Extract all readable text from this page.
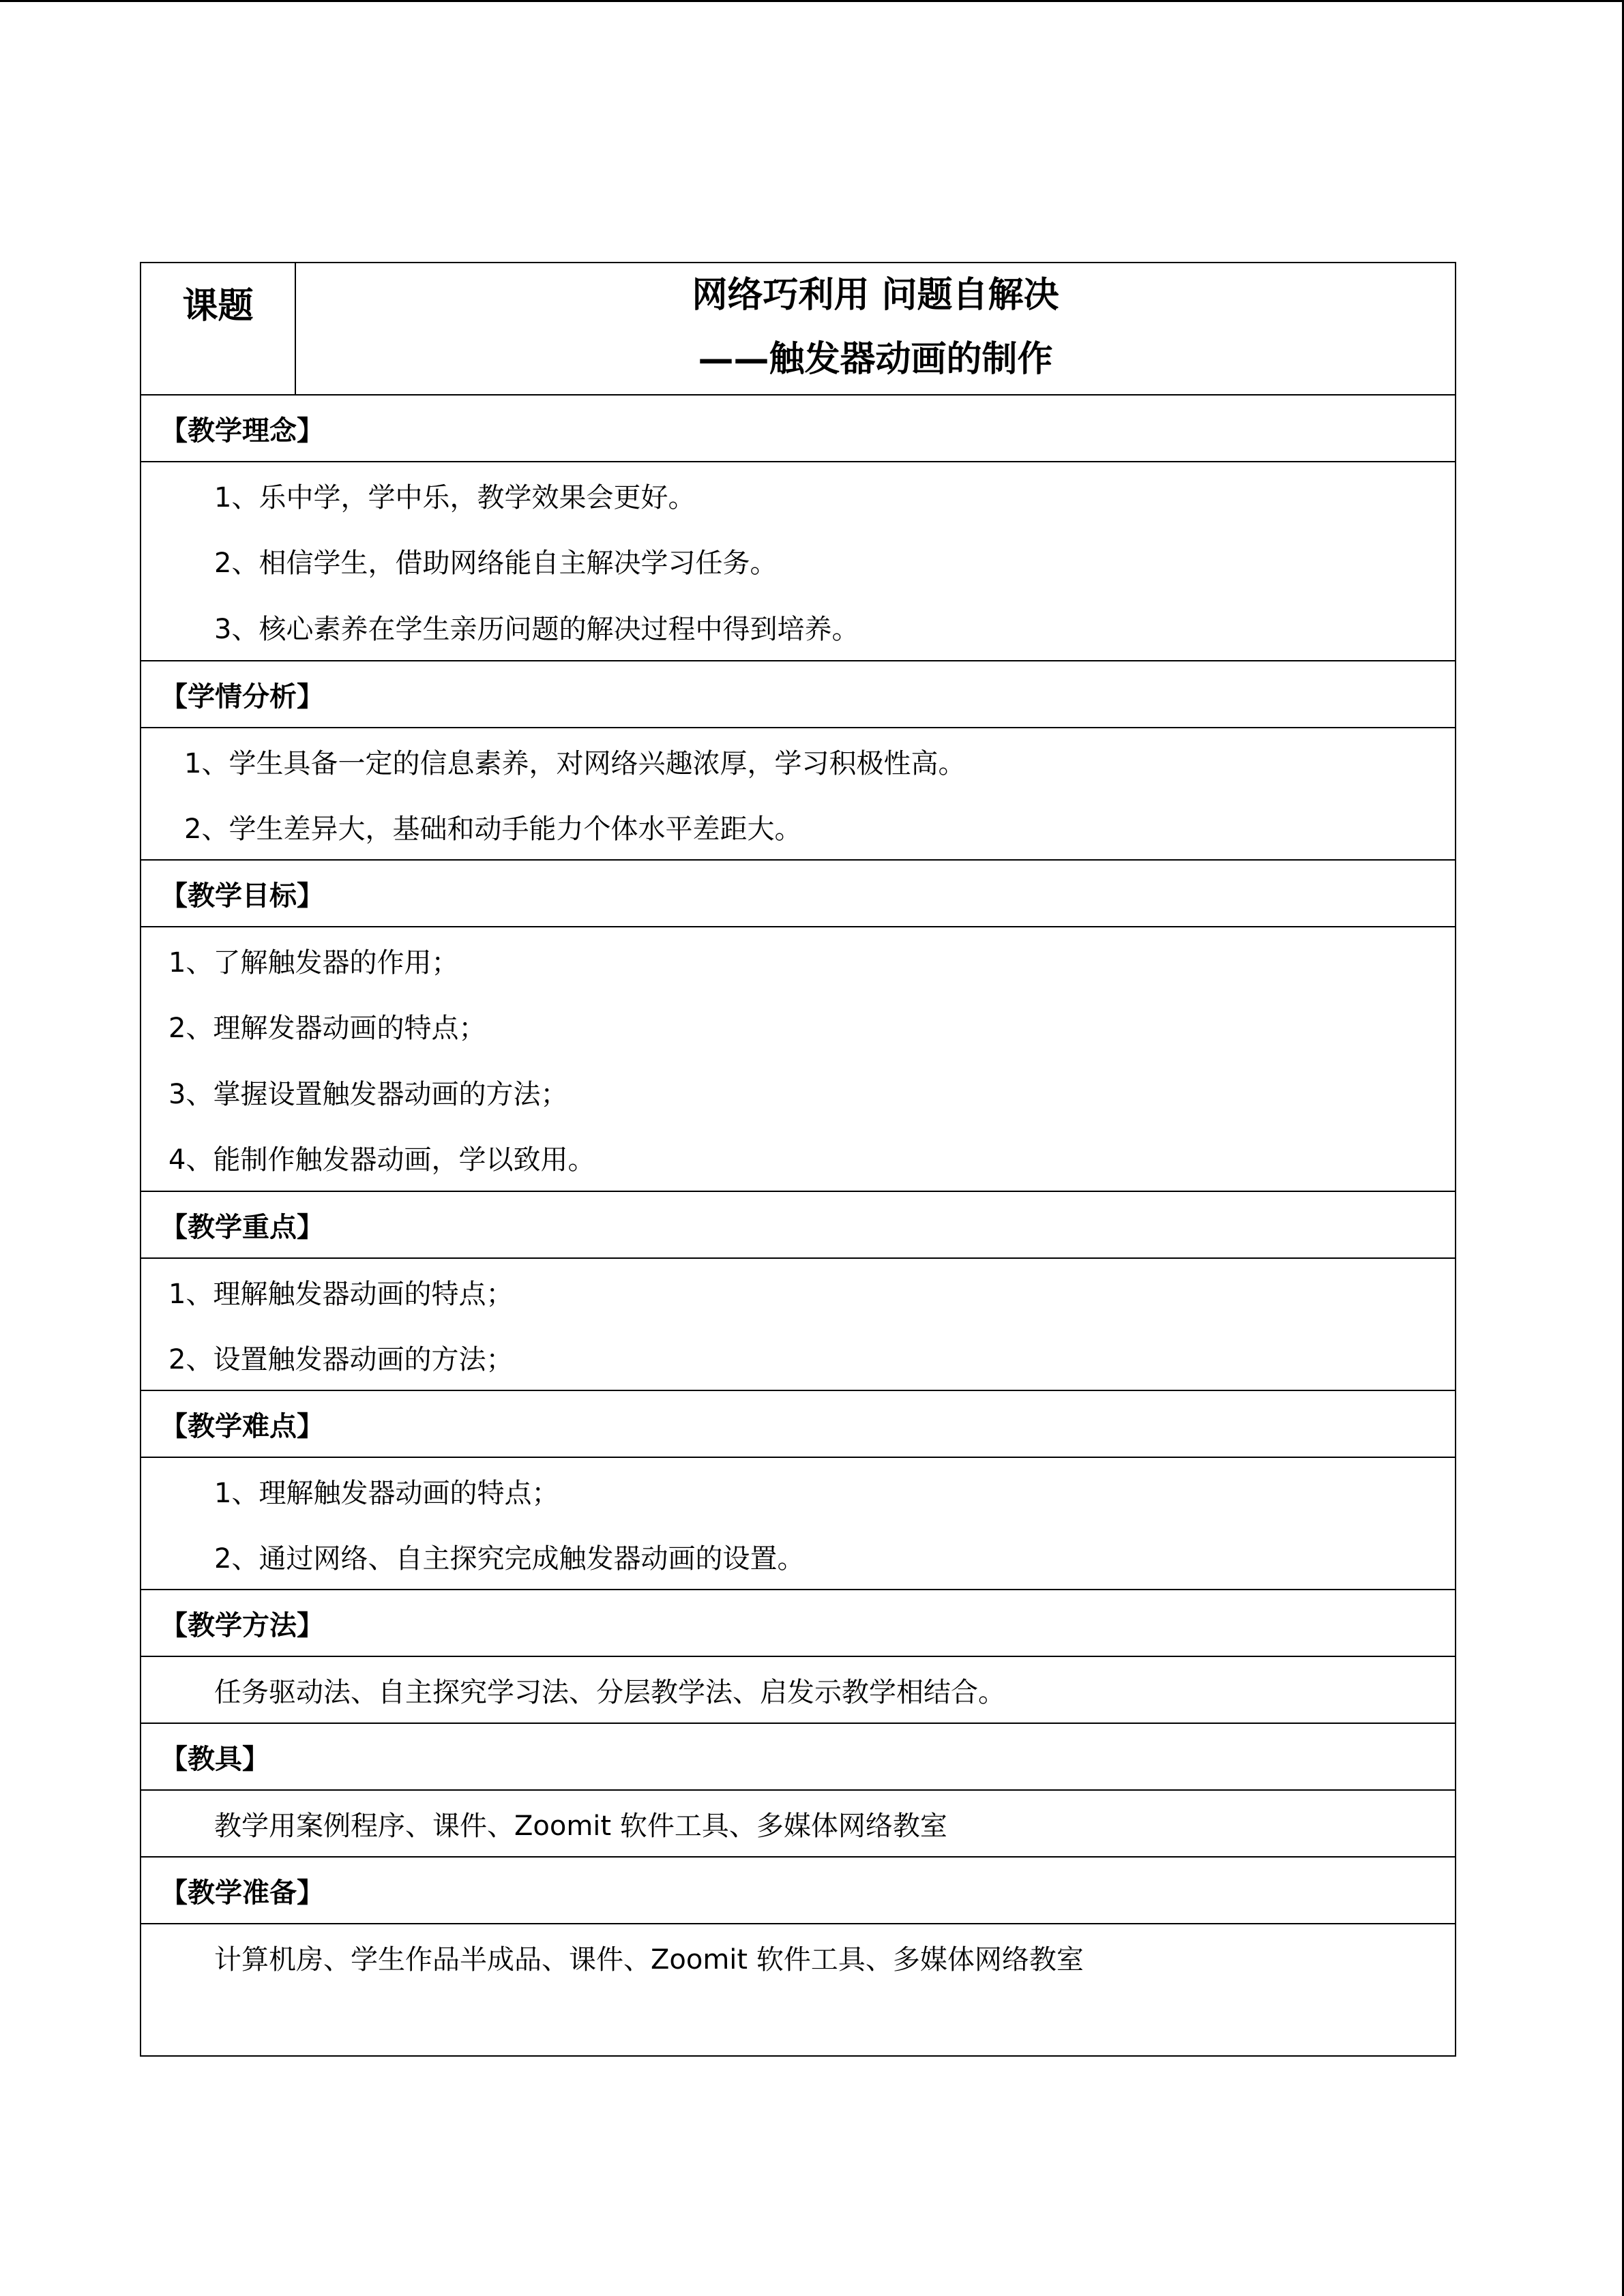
课题	网络巧利用 问题自解决
——触发器动画的制作
【教学理念】
1、乐中学，学中乐，教学效果会更好。
2、相信学生，借助网络能自主解决学习任务。
3、核心素养在学生亲历问题的解决过程中得到培养。
【学情分析】
1、学生具备一定的信息素养，对网络兴趣浓厚，学习积极性高。
2、学生差异大，基础和动手能力个体水平差距大。
【教学目标】
1、了解触发器的作用；
2、理解发器动画的特点；
3、掌握设置触发器动画的方法；
4、能制作触发器动画，学以致用。
【教学重点】
1、理解触发器动画的特点；
2、设置触发器动画的方法；
【教学难点】
1、理解触发器动画的特点；
2、通过网络、自主探究完成触发器动画的设置。
【教学方法】
任务驱动法、自主探究学习法、分层教学法、启发示教学相结合。
【教具】
教学用案例程序、课件、Zoomit 软件工具、多媒体网络教室
【教学准备】
计算机房、学生作品半成品、课件、Zoomit 软件工具、多媒体网络教室
